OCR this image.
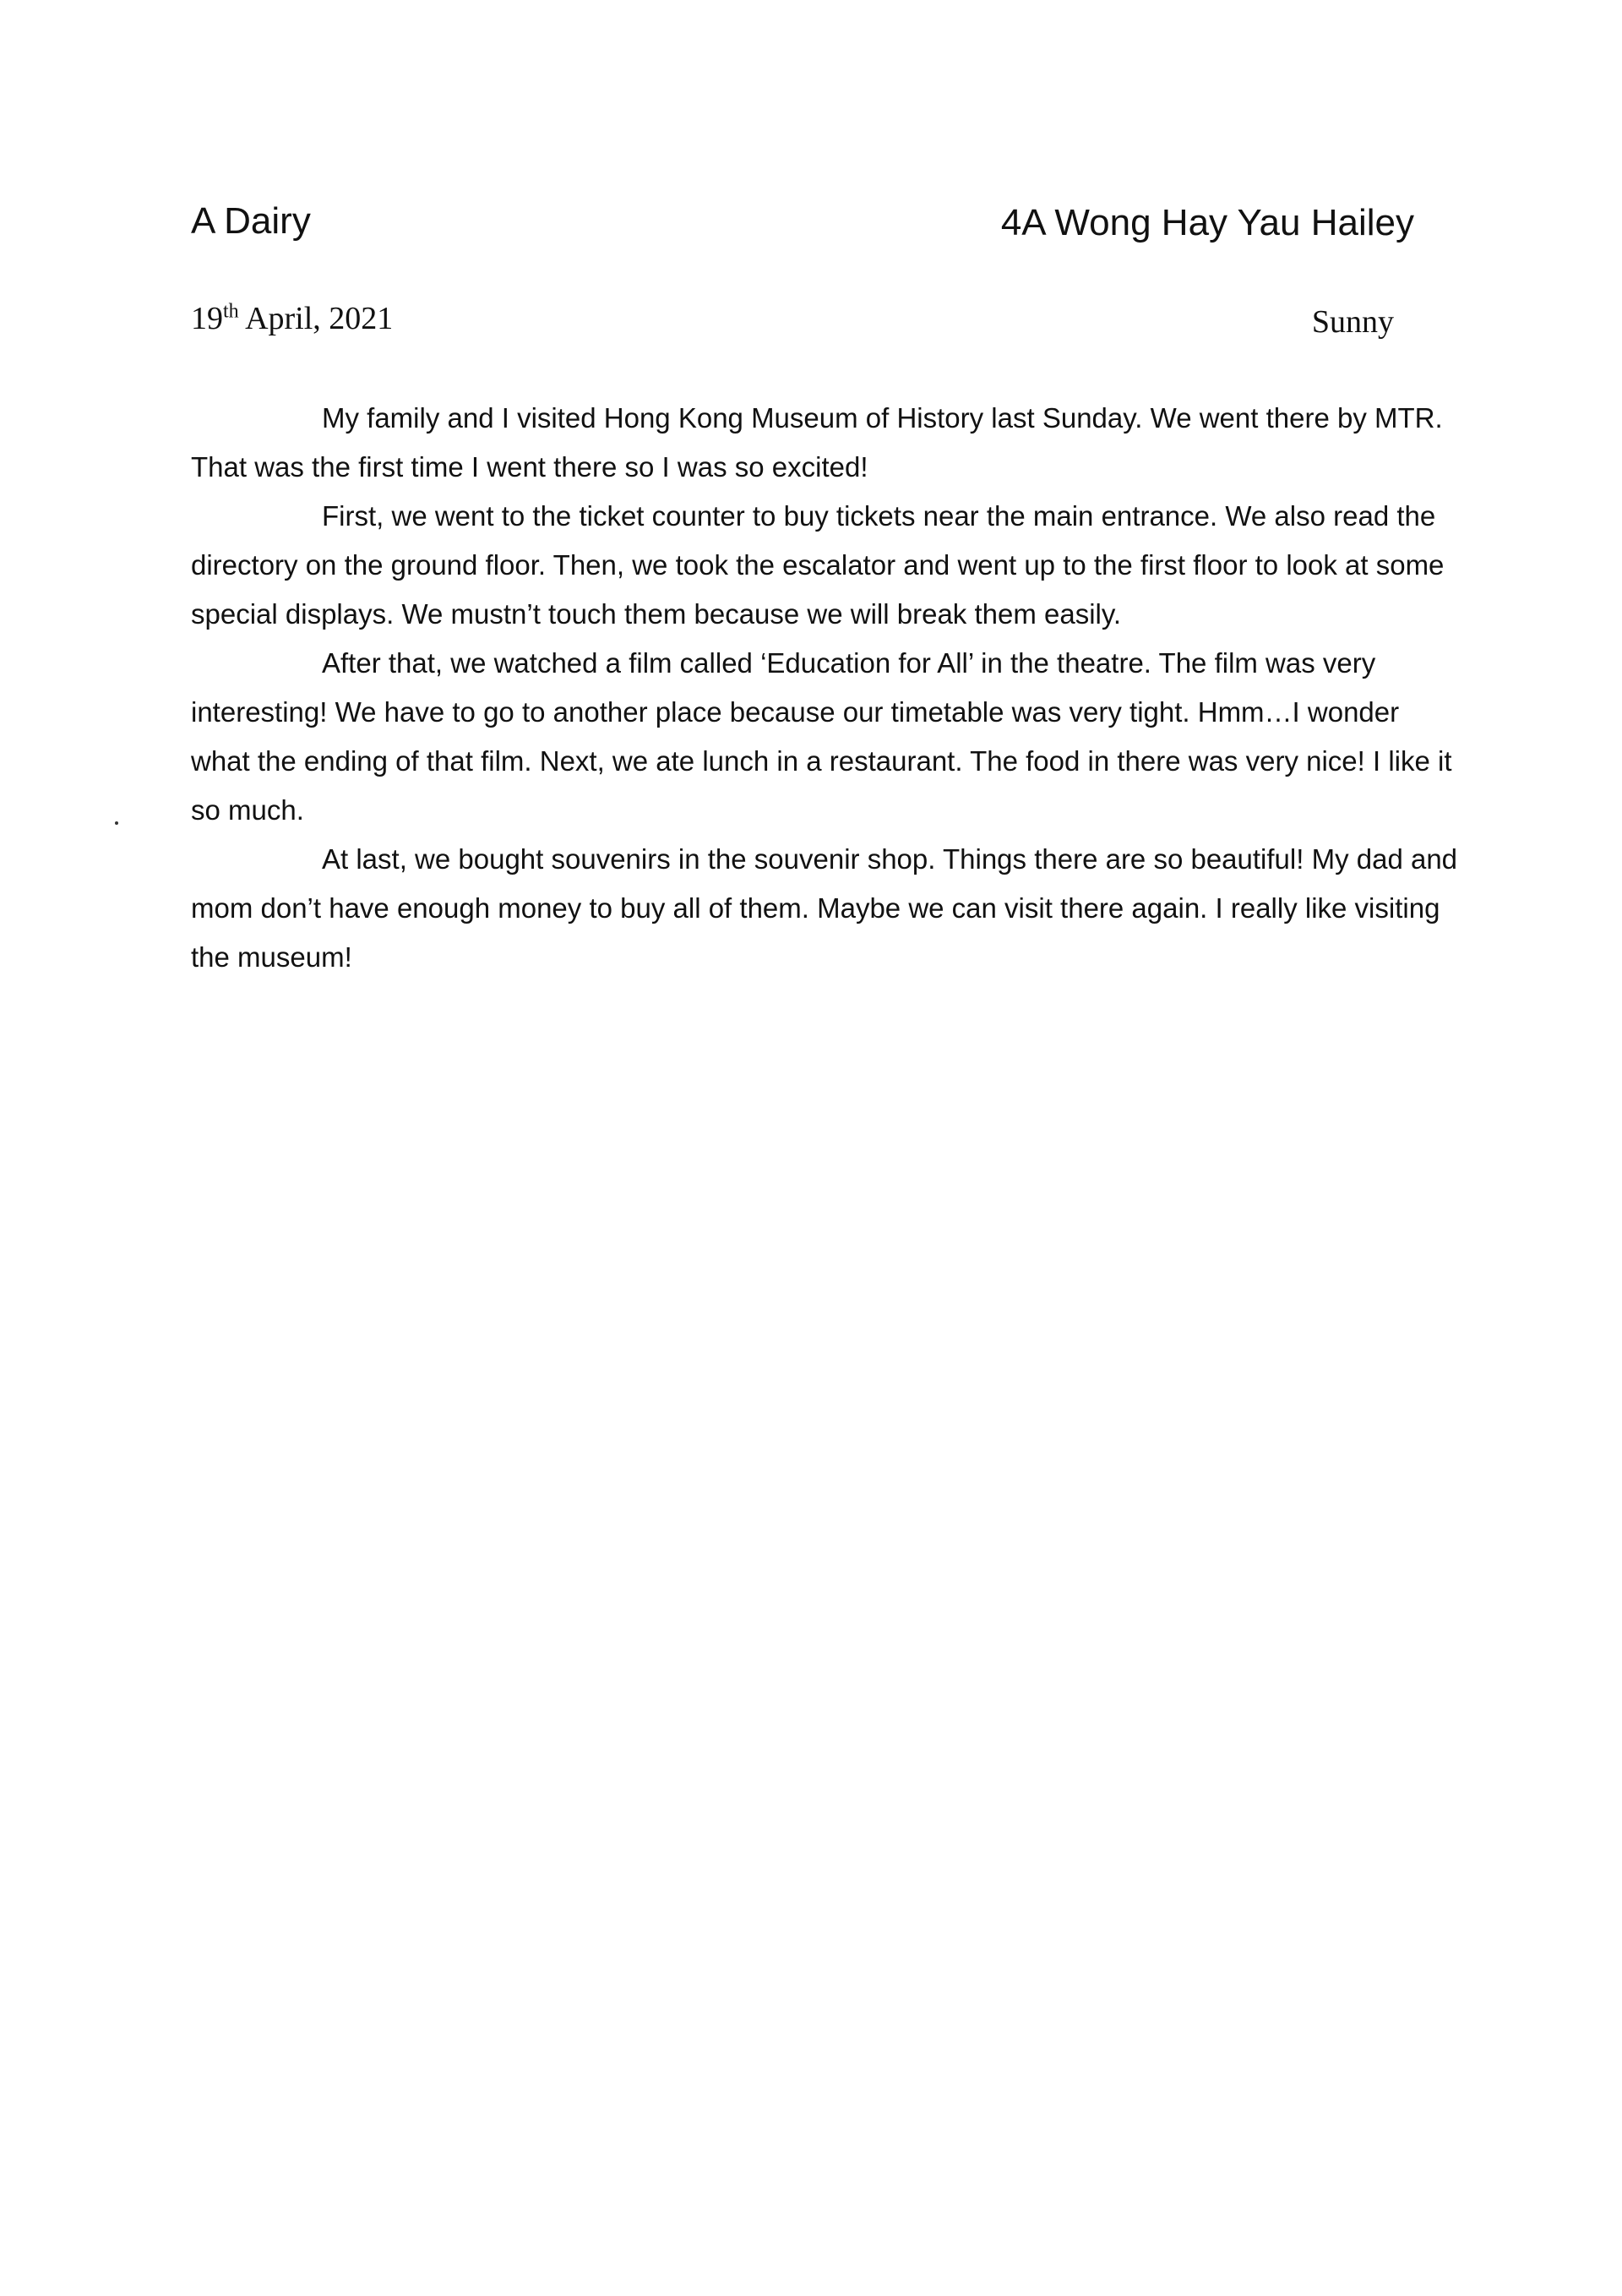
A Dairy	4A Wong Hay Yau Hailey
19th April, 2021	Sunny

My family and I visited Hong Kong Museum of History last Sunday. We went there by MTR. That was the first time I went there so I was so excited!

First, we went to the ticket counter to buy tickets near the main entrance. We also read the directory on the ground floor. Then, we took the escalator and went up to the first floor to look at some special displays. We mustn’t touch them because we will break them easily.

After that, we watched a film called ‘Education for All’ in the theatre. The film was very interesting! We have to go to another place because our timetable was very tight. Hmm…I wonder what the ending of that film. Next, we ate lunch in a restaurant. The food in there was very nice! I like it so much.

At last, we bought souvenirs in the souvenir shop. Things there are so beautiful! My dad and mom don’t have enough money to buy all of them. Maybe we can visit there again. I really like visiting the museum!
